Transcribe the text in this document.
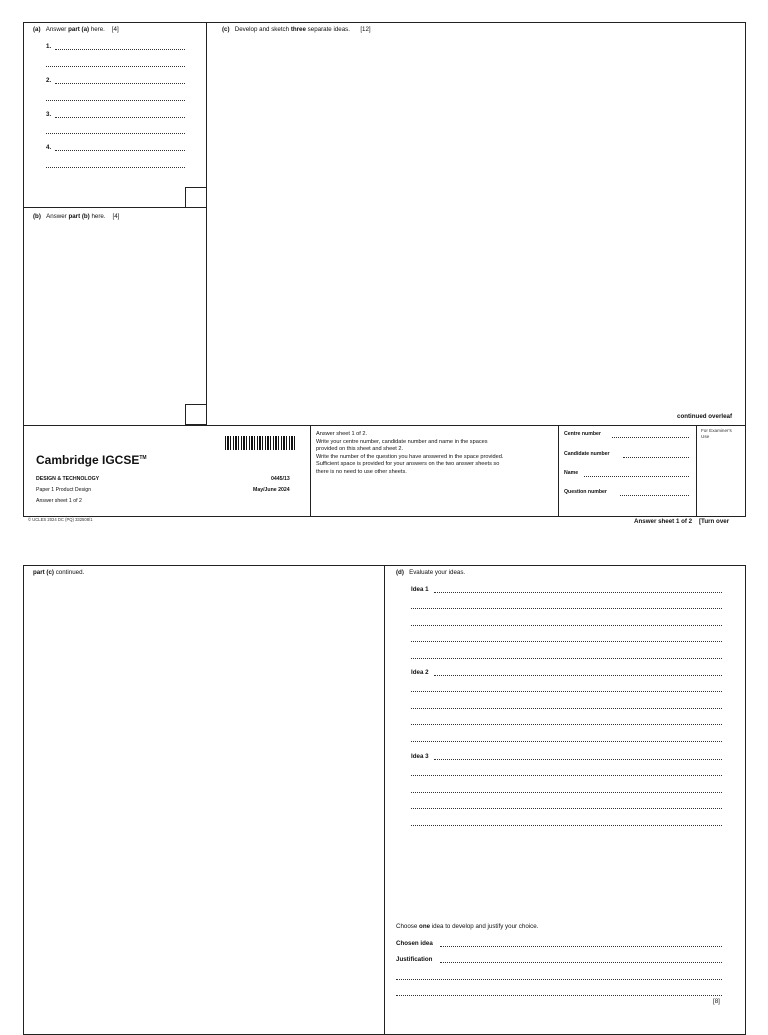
(a) Answer part (a) here. [4]
1.
2.
3.
4.
(b) Answer part (b) here. [4]
(c) Develop and sketch three separate ideas. [12]
continued overleaf
Cambridge IGCSE™
DESIGN & TECHNOLOGY	0445/13
Paper 1 Product Design	May/June 2024
Answer sheet 1 of 2
Answer sheet 1 of 2.
Write your centre number, candidate number and name in the spaces
provided on this sheet and sheet 2.
Write the number of the question you have answered in the space provided.
Sufficient space is provided for your answers on the two answer sheets so
there is no need to use other sheets.
Centre number
Candidate number
Name
Question number
For Examiner's
Use
© UCLES 2024 DC (PQ) 332508/1	Answer sheet 1 of 2    [Turn over
part (c) continued.	(d) Evaluate your ideas.
Idea 1
Idea 2
Idea 3
Choose one idea to develop and justify your choice.
Chosen idea
Justification
[8]
